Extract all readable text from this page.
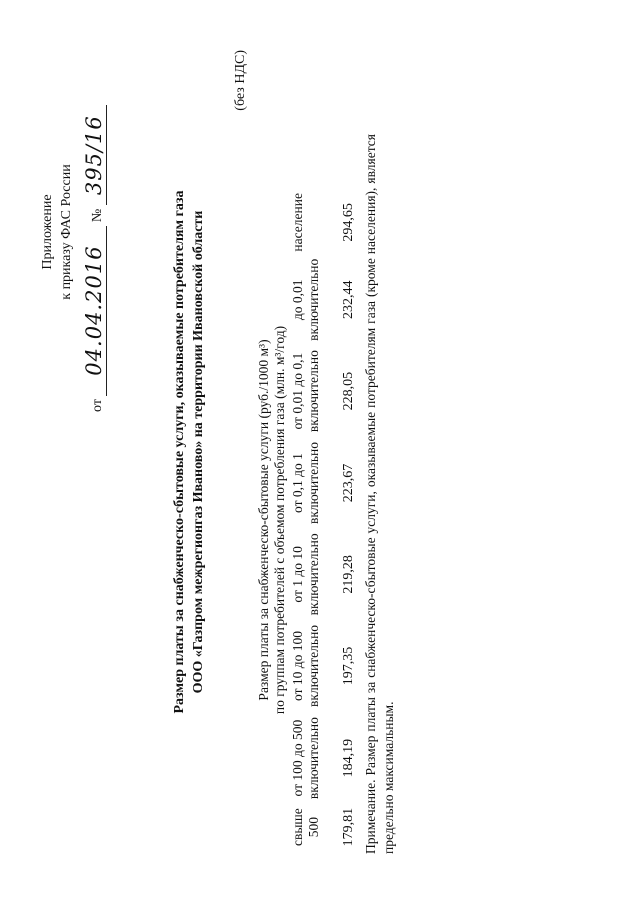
Приложение к приказу ФАС России
от 04.04.2016 № 395/16
Размер платы за снабженческо-сбытовые услуги, оказываемые потребителям газа ООО «Газпром межрегионгаз Иваново» на территории Ивановской области
(без НДС)
Размер платы за снабженческо-сбытовые услуги (руб./1000 м³) по группам потребителей с объемом потребления газа (млн. м³/год)							

свыше 500	от 100 до 500 включительно	от 10 до 100 включительно	от 1 до 10 включительно	от 0,1 до 1 включительно	от 0,01 до 0,1 включительно	до 0,01 включительно	население
179,81	184,19	197,35	219,28	223,67	228,05	232,44	294,65 Примечание. Размер платы за снабженческо-сбытовые услуги, оказываемые потребителям газа (кроме населения), является предельно максимальным.
